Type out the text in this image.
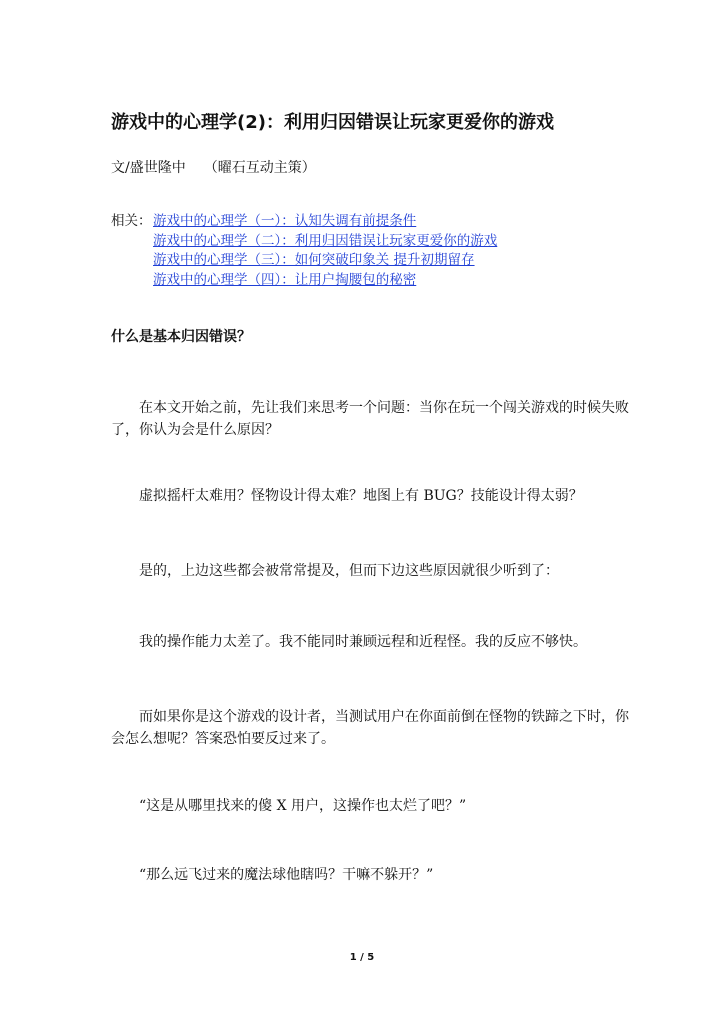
游戏中的心理学(2)：利用归因错误让玩家更爱你的游戏
文/盛世隆中 （曜石互动主策）
相关： 游戏中的心理学（一）：认知失调有前提条件
游戏中的心理学（二）：利用归因错误让玩家更爱你的游戏
游戏中的心理学（三）：如何突破印象关 提升初期留存
游戏中的心理学（四）：让用户掏腰包的秘密
什么是基本归因错误？

在本文开始之前，先让我们来思考一个问题：当你在玩一个闯关游戏的时候失败了，你认为会是什么原因？

虚拟摇杆太难用？怪物设计得太难？地图上有 BUG？技能设计得太弱？

是的，上边这些都会被常常提及，但而下边这些原因就很少听到了：

我的操作能力太差了。我不能同时兼顾远程和近程怪。我的反应不够快。

而如果你是这个游戏的设计者，当测试用户在你面前倒在怪物的铁蹄之下时，你会怎么想呢？答案恐怕要反过来了。

“这是从哪里找来的傻 X 用户，这操作也太烂了吧？”

“那么远飞过来的魔法球他瞎吗？干嘛不躲开？”

1 / 5
